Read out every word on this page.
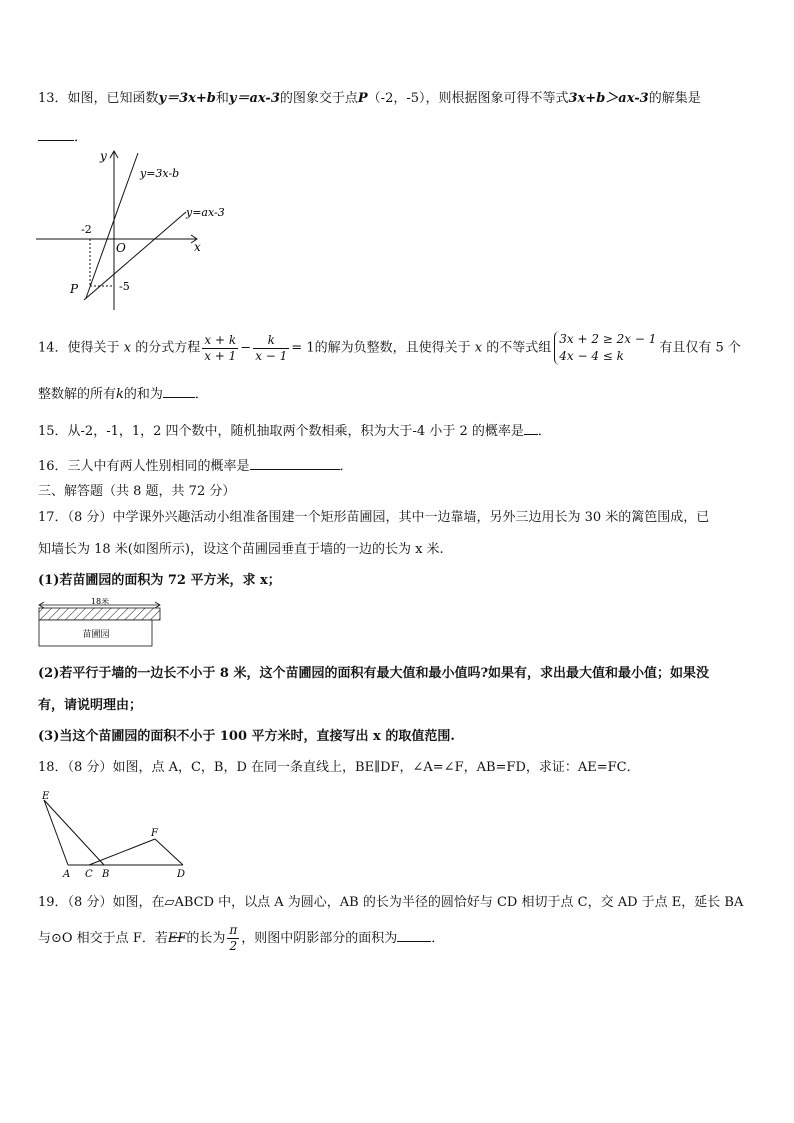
13．如图，已知函数y＝3x+b和y＝ax-3的图象交于点P（-2，-5），则根据图象可得不等式3x+b＞ax-3的解集是
．
y
x
O
y=3x-b
y=ax-3
-2
-5
P
14．使得关于 x 的分式方程 $\frac{x + k}{x + 1} - \frac{k}{x - 1} = 1$的解为负整数，且使得关于 x 的不等式组
3x + 2 ≥ 2x − 1
4x − 4 ≤ k
有且仅有 5 个
整数解的所有k的和为 ．
15．从-2，-1，1，2 四个数中，随机抽取两个数相乘，积为大于-4 小于 2 的概率是 ．
16．三人中有两人性别相同的概率是	．
三、解答题（共 8 题，共 72 分）
17．（8 分）中学课外兴趣活动小组准备围建一个矩形苗圃园，其中一边靠墙，另外三边用长为 30 米的篱笆围成，已
知墙长为 18 米(如图所示)，设这个苗圃园垂直于墙的一边的长为 x 米.
(1)若苗圃园的面积为 72 平方米，求 x；
18米
苗圃园
(2)若平行于墙的一边长不小于 8 米，这个苗圃园的面积有最大值和最小值吗?如果有，求出最大值和最小值；如果没
有，请说明理由；
(3)当这个苗圃园的面积不小于 100 平方米时，直接写出 x 的取值范围.
18．（8 分）如图，点 A，C，B，D 在同一条直线上，BE∥DF，∠A=∠F，AB=FD，求证：AE=FC．
E
F
A C B	D
19．（8 分）如图，在▱ABCD 中，以点 A 为圆心，AB 的长为半径的圆恰好与 CD 相切于点 C，交 AD 于点 E，延长 BA
与⊙O 相交于点 F．若
EF的长为 $\frac{\pi}{2}$ ，则图中阴影部分的面积为	．
